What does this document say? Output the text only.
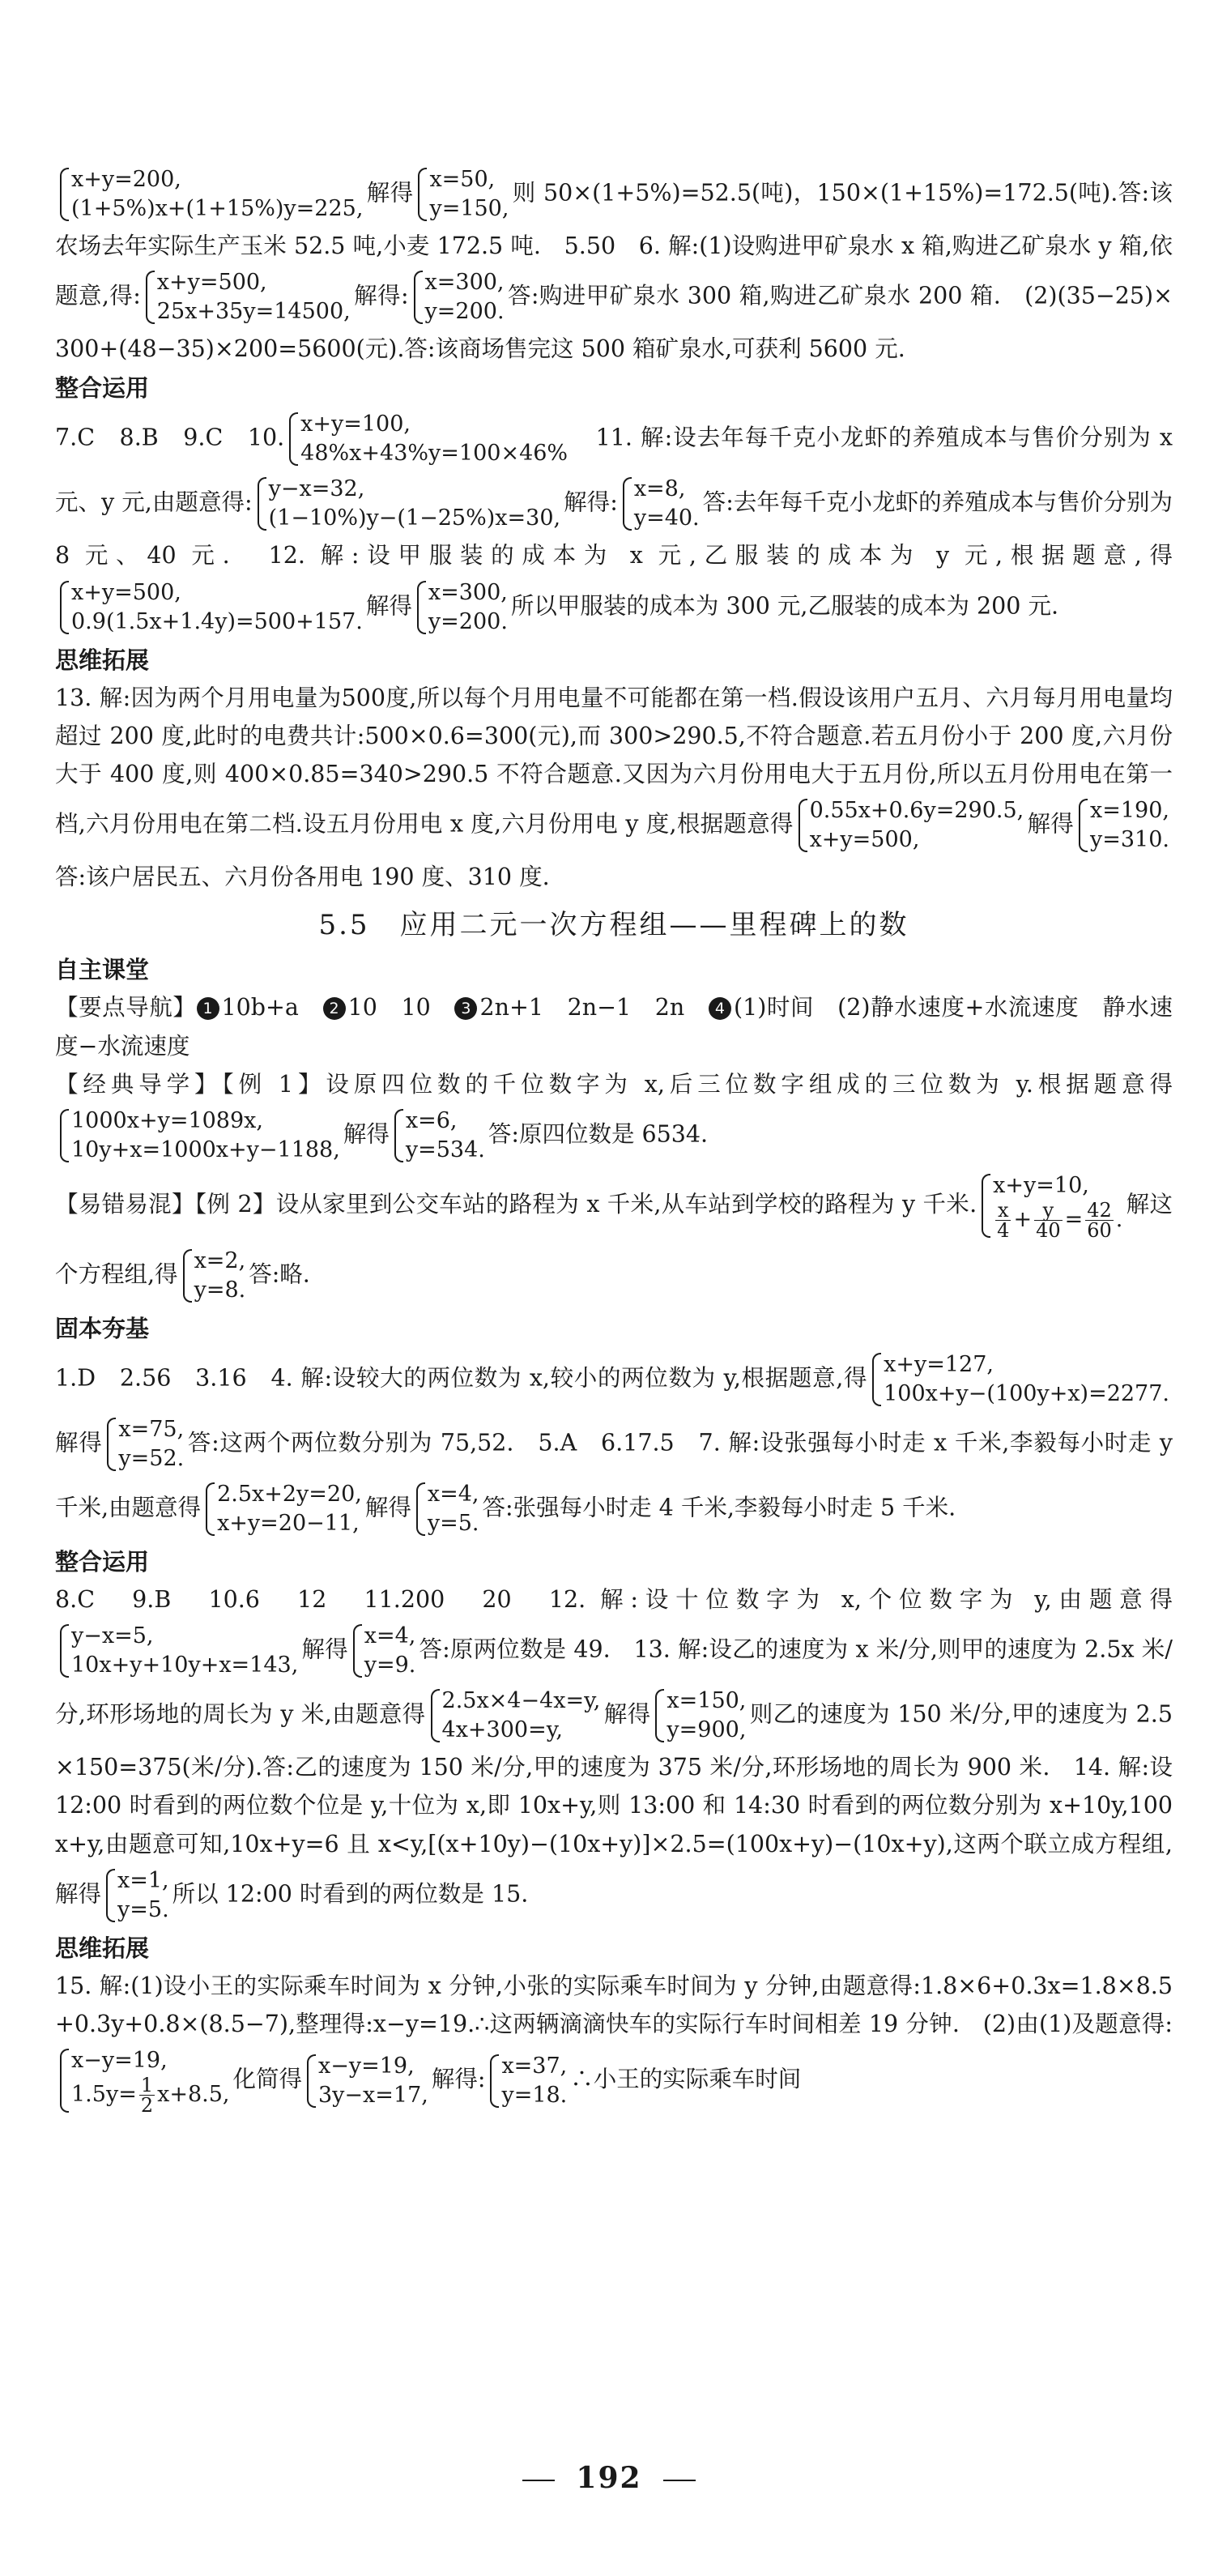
x+y=200,
(1+5%)x+(1+15%)y=225,
解得 x=50,
y=150,
则 50×(1+5%)=52.5(吨)，150×(1+15%)=172.5(吨).答:该农场去年实际生产玉米 52.5 吨,小麦 172.5 吨.　5.50　6. 解:(1)设购进甲矿泉水 x 箱,购进乙矿泉水 y 箱,依题意,得: x+y=500,
25x+35y=14500,
解得: x=300,
y=200.
答:购进甲矿泉水 300 箱,购进乙矿泉水 200 箱.　(2)(35−25)×300+(48−35)×200=5600(元).答:该商场售完这 500 箱矿泉水,可获利 5600 元.

整合运用

7.C　8.B　9.C　10. x+y=100,
48%x+43%y=100×46%
　11. 解:设去年每千克小龙虾的养殖成本与售价分别为 x 元、y 元,由题意得: y−x=32,
(1−10%)y−(1−25%)x=30,
解得: x=8,
y=40.
答:去年每千克小龙虾的养殖成本与售价分别为 8 元、40 元.　12. 解:设甲服装的成本为 x 元,乙服装的成本为 y 元,根据题意,得
x+y=500,
0.9(1.5x+1.4y)=500+157.
解得 x=300,
y=200.
所以甲服装的成本为 300 元,乙服装的成本为 200 元.

思维拓展

13. 解:因为两个月用电量为500度,所以每个月用电量不可能都在第一档.假设该用户五月、六月每月用电量均超过 200 度,此时的电费共计:500×0.6=300(元),而 300>290.5,不符合题意.若五月份小于 200 度,六月份大于 400 度,则 400×0.85=340>290.5 不符合题意.又因为六月份用电大于五月份,所以五月份用电在第一档,六月份用电在第二档.设五月份用电 x 度,六月份用电 y 度,根据题意得 0.55x+0.6y=290.5,
x+y=500,
解得 x=190,
y=310.
答:该户居民五、六月份各用电 190 度、310 度.

5.5　应用二元一次方程组——里程碑上的数
自主课堂

【要点导航】 1 10b+a　2 10　10　3 2n+1　2n−1　2n　4 (1)时间　(2)静水速度+水流速度　静水速度−水流速度

【经典导学】【例 1】设原四位数的千位数字为 x,后三位数字组成的三位数为 y.根据题意得
1000x+y=1089x,
10y+x=1000x+y−1188,
解得 x=6,
y=534.
答:原四位数是 6534.

【易错易混】【例 2】设从家里到公交车站的路程为 x 千米,从车站到学校的路程为 y 千米.
x+y=10,
$\frac{x}{4} + \frac{y}{40} = \frac{42}{60}$ .
解这个方程组,得 x=2,
y=8.
答:略.

固本夯基

1.D　2.56　3.16　4. 解:设较大的两位数为 x,较小的两位数为 y,根据题意,得 x+y=127,
100x+y−(100y+x)=2277.
解得 x=75,
y=52.
答:这两个两位数分别为 75,52.　5.A　6.17.5　7. 解:设张强每小时走 x 千米,李毅每小时走 y 千米,由题意得 2.5x+2y=20,
x+y=20−11,
解得 x=4,
y=5.
答:张强每小时走 4 千米,李毅每小时走 5 千米.

整合运用

8.C　9.B　10.6　12　11.200　20　12. 解:设十位数字为 x,个位数字为 y,由题意得
y−x=5,
10x+y+10y+x=143,
解得 x=4,
y=9.
答:原两位数是 49.　13. 解:设乙的速度为 x 米/分,则甲的速度为 2.5x 米/分,环形场地的周长为 y 米,由题意得 2.5x×4−4x=y,
4x+300=y,
解得 x=150,
y=900,
则乙的速度为 150 米/分,甲的速度为 2.5×150=375(米/分).答:乙的速度为 150 米/分,甲的速度为 375 米/分,环形场地的周长为 900 米.　14. 解:设 12:00 时看到的两位数个位是 y,十位为 x,即 10x+y,则 13:00 和 14:30 时看到的两位数分别为 x+10y,100x+y,由题意可知,10x+y=6 且 x<y,[(x+10y)−(10x+y)]×2.5=(100x+y)−(10x+y),这两个联立成方程组,解得 x=1,
y=5.
所以 12:00 时看到的两位数是 15.

思维拓展

15. 解:(1)设小王的实际乘车时间为 x 分钟,小张的实际乘车时间为 y 分钟,由题意得:1.8×6+0.3x=1.8×8.5+0.3y+0.8×(8.5−7),整理得:x−y=19.∴这两辆滴滴快车的实际行车时间相差 19 分钟.　(2)由(1)及题意得:
x−y=19,
$1.5y= \frac{1}{2} x+8.5$,
化简得 x−y=19,
3y−x=17,
解得: x=37,
y=18.
∴小王的实际乘车时间

192
